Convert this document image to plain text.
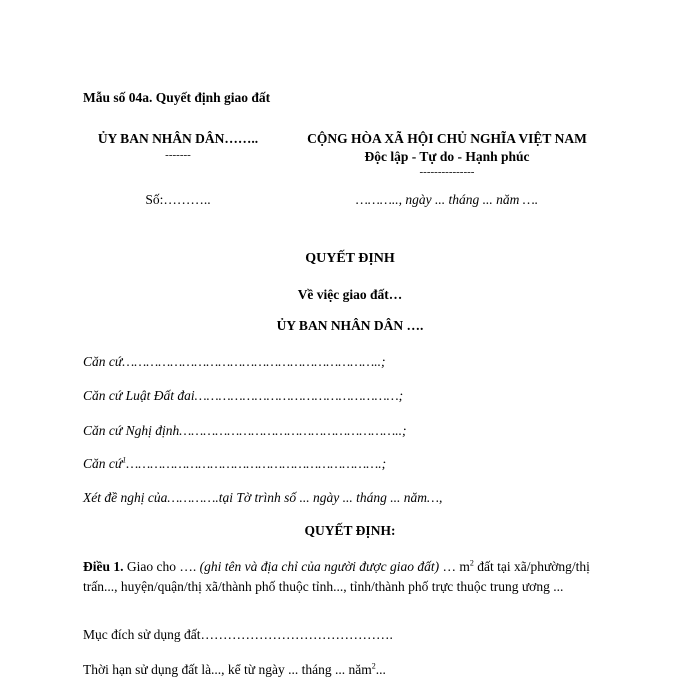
Mẫu số 04a. Quyết định giao đất
ỦY BAN NHÂN DÂN……..
-------
Số:………..
CỘNG HÒA XÃ HỘI CHỦ NGHĨA VIỆT NAM
Độc lập - Tự do - Hạnh phúc
---------------
……….., ngày ... tháng ... năm ….
QUYẾT ĐỊNH
Về việc giao đất…
ỦY BAN NHÂN DÂN ….
Căn cứ………………………………………………………..;
Căn cứ Luật Đất đai……………………………………………;
Căn cứ Nghị định………………………………………………..;
Căn cứ$^1$……………………………………………………….;
Xét đề nghị của………….tại Tờ trình số ... ngày ... tháng ... năm…,
QUYẾT ĐỊNH:
Điều 1. Giao cho …. (ghi tên và địa chỉ của người được giao đất) … $m^2$ đất tại xã/phường/thị trấn..., huyện/quận/thị xã/thành phố thuộc tỉnh..., tỉnh/thành phố trực thuộc trung ương ...
Mục đích sử dụng đất…………………………………….
Thời hạn sử dụng đất là..., kể từ ngày ... tháng ... năm$^2$...
